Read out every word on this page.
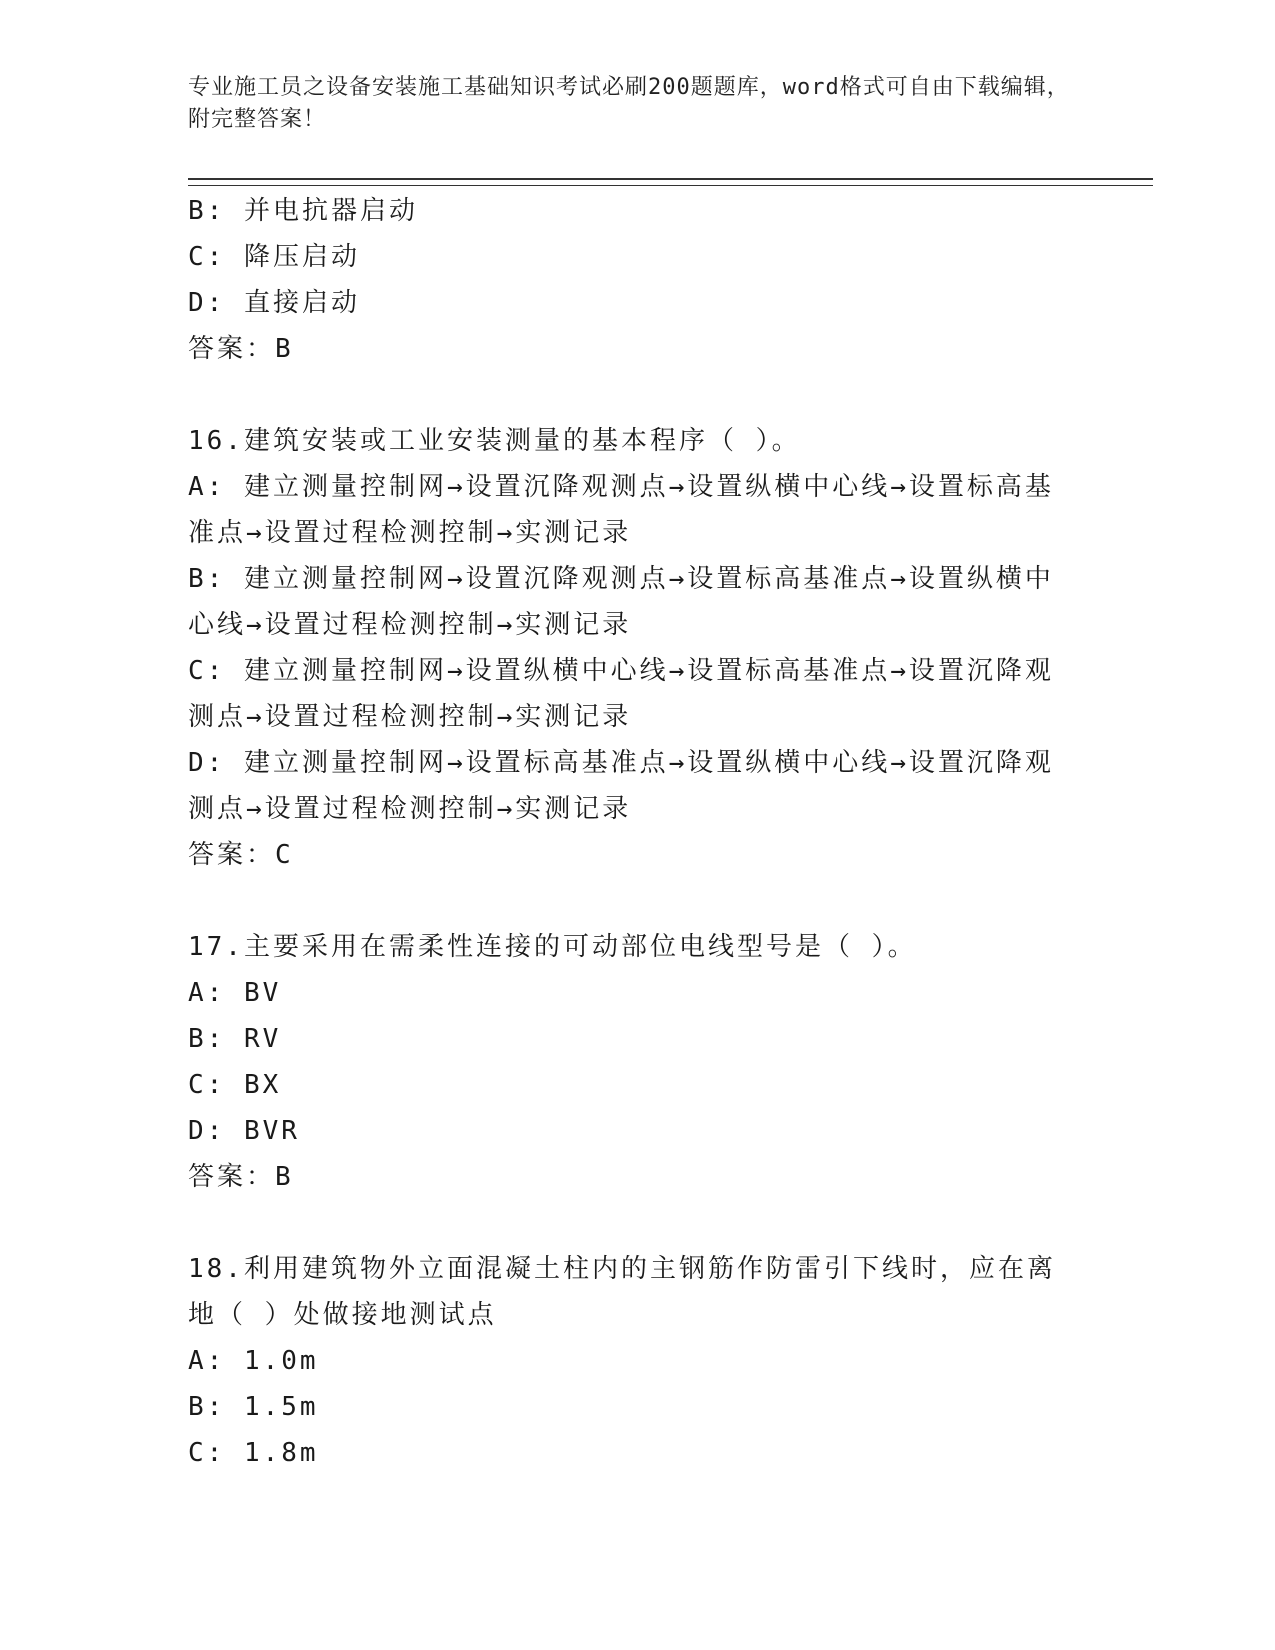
专业施工员之设备安装施工基础知识考试必刷200题题库，word格式可自由下载编辑，附完整答案！
B: 并电抗器启动
C: 降压启动
D: 直接启动
答案：B
16.建筑安装或工业安装测量的基本程序（ ）。
A: 建立测量控制网→设置沉降观测点→设置纵横中心线→设置标高基准点→设置过程检测控制→实测记录
B: 建立测量控制网→设置沉降观测点→设置标高基准点→设置纵横中心线→设置过程检测控制→实测记录
C: 建立测量控制网→设置纵横中心线→设置标高基准点→设置沉降观测点→设置过程检测控制→实测记录
D: 建立测量控制网→设置标高基准点→设置纵横中心线→设置沉降观测点→设置过程检测控制→实测记录
答案：C
17.主要采用在需柔性连接的可动部位电线型号是（ ）。
A: BV
B: RV
C: BX
D: BVR
答案：B
18.利用建筑物外立面混凝土柱内的主钢筋作防雷引下线时，应在离地（ ）处做接地测试点
A: 1.0m
B: 1.5m
C: 1.8m
